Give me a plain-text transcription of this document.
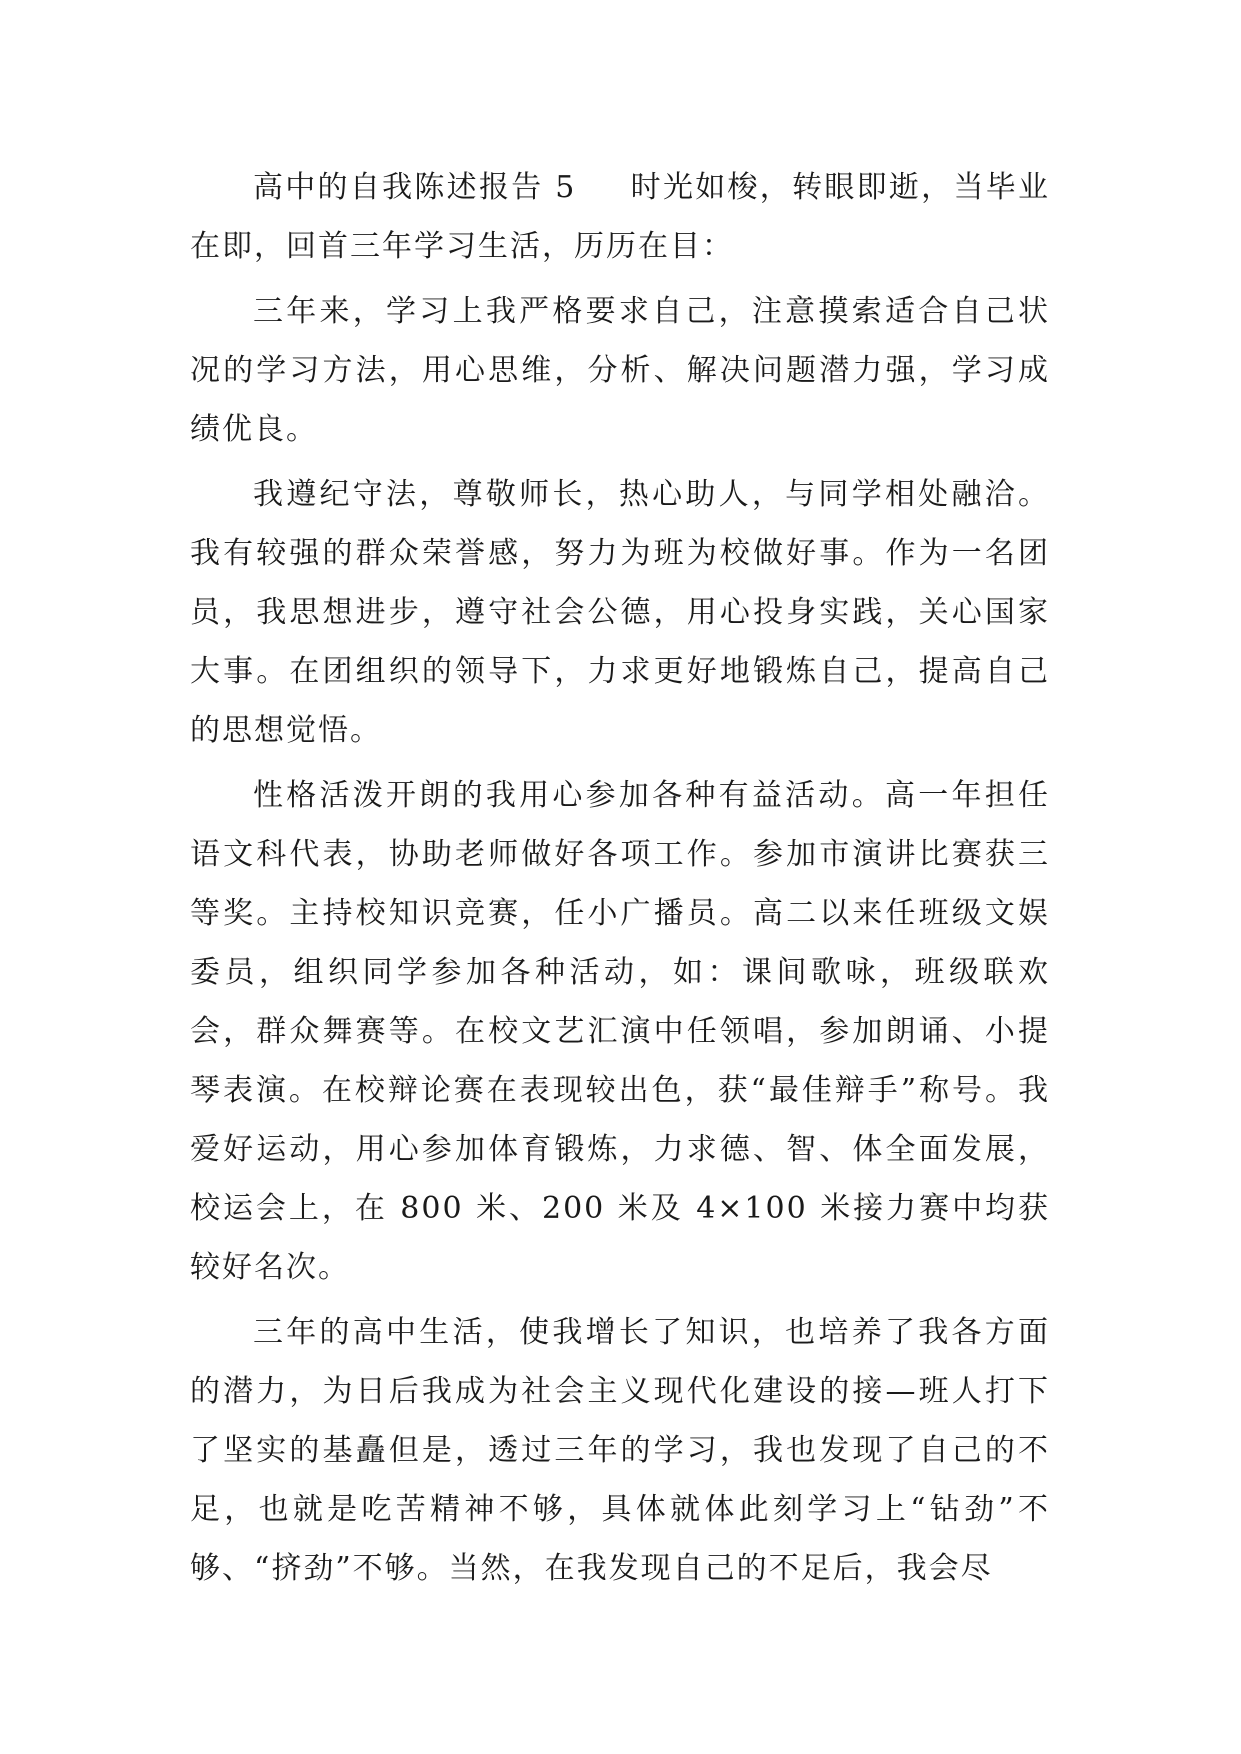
高中的自我陈述报告 5 时光如梭，转眼即逝，当毕业在即，回首三年学习生活，历历在目：

三年来，学习上我严格要求自己，注意摸索适合自己状况的学习方法，用心思维，分析、解决问题潜力强，学习成绩优良。

我遵纪守法，尊敬师长，热心助人，与同学相处融洽。我有较强的群众荣誉感，努力为班为校做好事。作为一名团员，我思想进步，遵守社会公德，用心投身实践，关心国家大事。在团组织的领导下，力求更好地锻炼自己，提高自己的思想觉悟。

性格活泼开朗的我用心参加各种有益活动。高一年担任语文科代表，协助老师做好各项工作。参加市演讲比赛获三等奖。主持校知识竞赛，任小广播员。高二以来任班级文娱委员，组织同学参加各种活动，如：课间歌咏，班级联欢会，群众舞赛等。在校文艺汇演中任领唱，参加朗诵、小提琴表演。在校辩论赛在表现较出色，获“最佳辩手”称号。我爱好运动，用心参加体育锻炼，力求德、智、体全面发展，校运会上，在 800 米、200 米及 4×100 米接力赛中均获较好名次。

三年的高中生活，使我增长了知识，也培养了我各方面的潜力，为日后我成为社会主义现代化建设的接—班人打下了坚实的基矗但是，透过三年的学习，我也发现了自己的不足，也就是吃苦精神不够，具体就体此刻学习上“钻劲”不够、“挤劲”不够。当然，在我发现自己的不足后，我会尽
